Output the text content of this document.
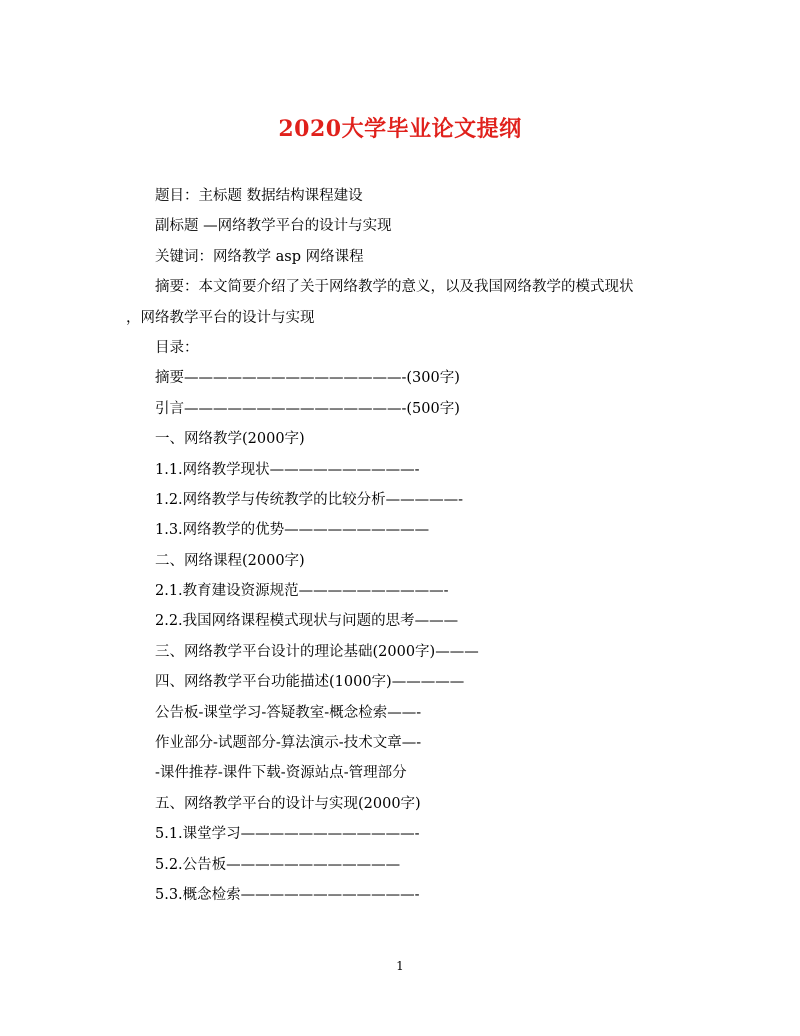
2020大学毕业论文提纲
题目：主标题 数据结构课程建设
副标题 —网络教学平台的设计与实现
关键词：网络教学 asp 网络课程
摘要：本文简要介绍了关于网络教学的意义，以及我国网络教学的模式现状
，网络教学平台的设计与实现
目录：
摘要———————————————-(300字)
引言———————————————-(500字)
一、网络教学(2000字)
1.1.网络教学现状——————————-
1.2.网络教学与传统教学的比较分析—————-
1.3.网络教学的优势——————————
二、网络课程(2000字)
2.1.教育建设资源规范——————————-
2.2.我国网络课程模式现状与问题的思考———
三、网络教学平台设计的理论基础(2000字)———
四、网络教学平台功能描述(1000字)—————
公告板-课堂学习-答疑教室-概念检索——-
作业部分-试题部分-算法演示-技术文章—-
-课件推荐-课件下载-资源站点-管理部分
五、网络教学平台的设计与实现(2000字)
5.1.课堂学习————————————-
5.2.公告板————————————
5.3.概念检索————————————-
1
